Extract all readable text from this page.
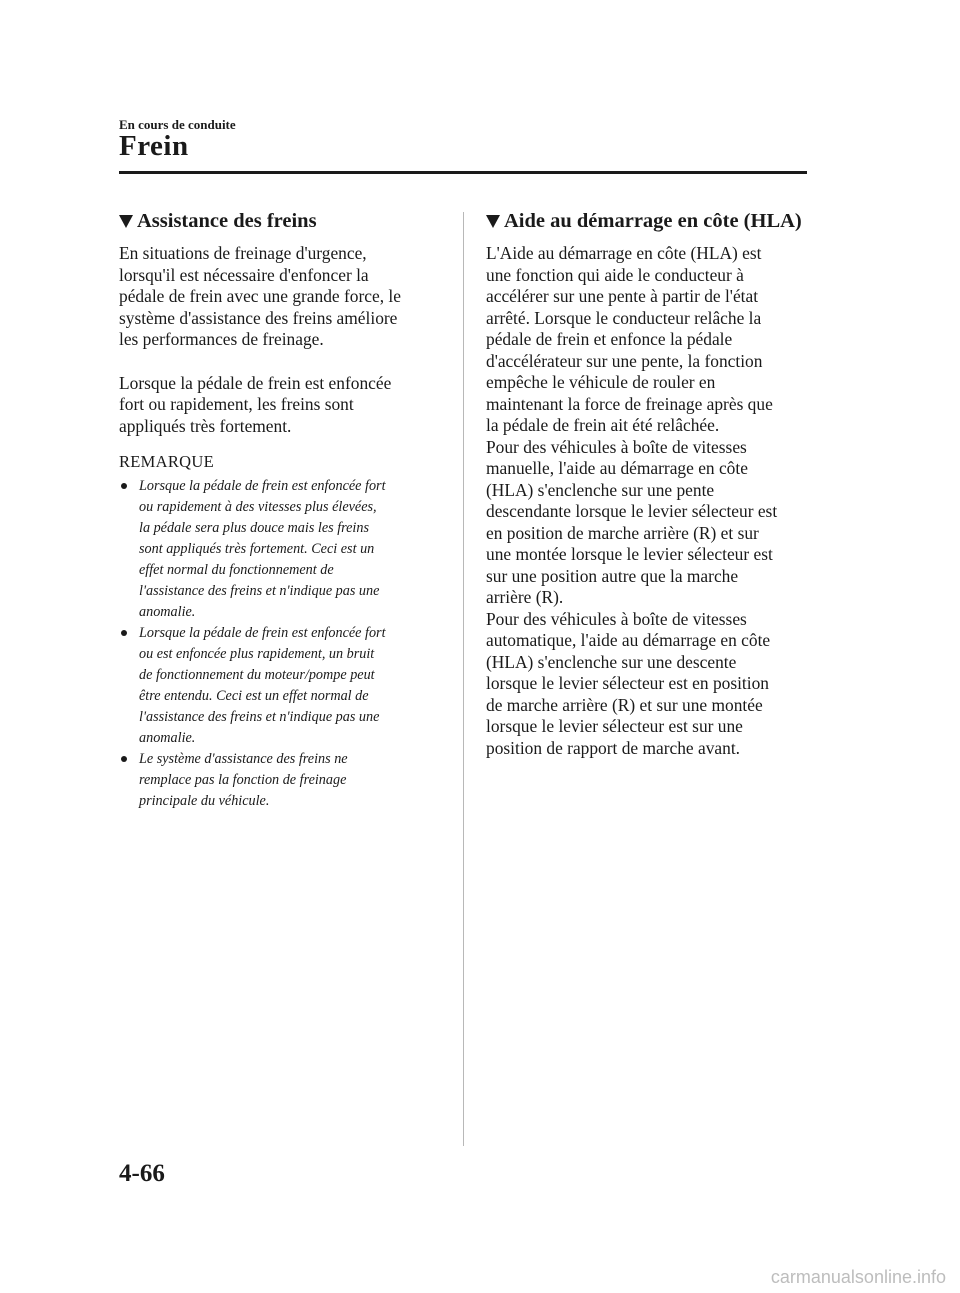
En cours de conduite
Frein
Assistance des freins

En situations de freinage d'urgence,
lorsqu'il est nécessaire d'enfoncer la
pédale de frein avec une grande force, le
système d'assistance des freins améliore
les performances de freinage.

Lorsque la pédale de frein est enfoncée
fort ou rapidement, les freins sont
appliqués très fortement.

REMARQUE
Lorsque la pédale de frein est enfoncée fort
ou rapidement à des vitesses plus élevées,
la pédale sera plus douce mais les freins
sont appliqués très fortement. Ceci est un
effet normal du fonctionnement de
l'assistance des freins et n'indique pas une
anomalie.
Lorsque la pédale de frein est enfoncée fort
ou est enfoncée plus rapidement, un bruit
de fonctionnement du moteur/pompe peut
être entendu. Ceci est un effet normal de
l'assistance des freins et n'indique pas une
anomalie.
Le système d'assistance des freins ne
remplace pas la fonction de freinage
principale du véhicule.
Aide au démarrage en côte (HLA)

L'Aide au démarrage en côte (HLA) est
une fonction qui aide le conducteur à
accélérer sur une pente à partir de l'état
arrêté. Lorsque le conducteur relâche la
pédale de frein et enfonce la pédale
d'accélérateur sur une pente, la fonction
empêche le véhicule de rouler en
maintenant la force de freinage après que
la pédale de frein ait été relâchée.

Pour des véhicules à boîte de vitesses
manuelle, l'aide au démarrage en côte
(HLA) s'enclenche sur une pente
descendante lorsque le levier sélecteur est
en position de marche arrière (R) et sur
une montée lorsque le levier sélecteur est
sur une position autre que la marche
arrière (R).

Pour des véhicules à boîte de vitesses
automatique, l'aide au démarrage en côte
(HLA) s'enclenche sur une descente
lorsque le levier sélecteur est en position
de marche arrière (R) et sur une montée
lorsque le levier sélecteur est sur une
position de rapport de marche avant.

4-66
carmanualsonline.info
